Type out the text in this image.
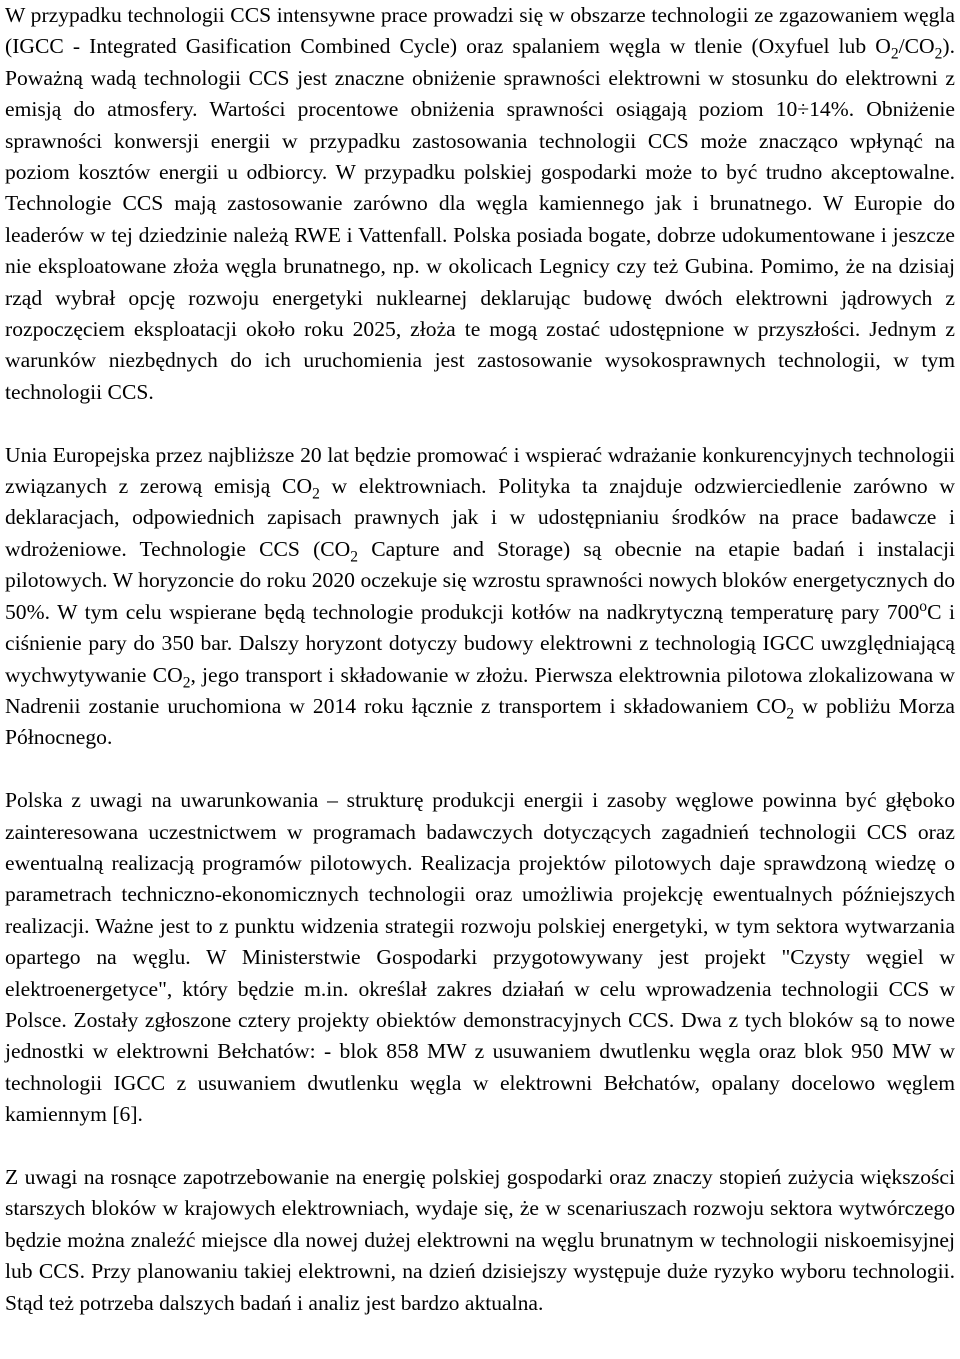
W przypadku technologii CCS intensywne prace prowadzi się w obszarze technologii ze zgazowaniem węgla (IGCC - Integrated Gasification Combined Cycle) oraz spalaniem węgla w tlenie (Oxyfuel lub $O_2/CO_2$). Poważną wadą technologii CCS jest znaczne obniżenie sprawności elektrowni w stosunku do elektrowni z emisją do atmosfery. Wartości procentowe obniżenia sprawności osiągają poziom 10÷14%. Obniżenie sprawności konwersji energii w przypadku zastosowania technologii CCS może znacząco wpłynąć na poziom kosztów energii u odbiorcy. W przypadku polskiej gospodarki może to być trudno akceptowalne. Technologie CCS mają zastosowanie zarówno dla węgla kamiennego jak i brunatnego. W Europie do leaderów w tej dziedzinie należą RWE i Vattenfall. Polska posiada bogate, dobrze udokumentowane i jeszcze nie eksploatowane złoża węgla brunatnego, np. w okolicach Legnicy czy też Gubina. Pomimo, że na dzisiaj rząd wybrał opcję rozwoju energetyki nuklearnej deklarując budowę dwóch elektrowni jądrowych z rozpoczęciem eksploatacji około roku 2025, złoża te mogą zostać udostępnione w przyszłości. Jednym z warunków niezbędnych do ich uruchomienia jest zastosowanie wysokosprawnych technologii, w tym technologii CCS.

Unia Europejska przez najbliższe 20 lat będzie promować i wspierać wdrażanie konkurencyjnych technologii związanych z zerową emisją $CO_2$ w elektrowniach. Polityka ta znajduje odzwierciedlenie zarówno w deklaracjach, odpowiednich zapisach prawnych jak i w udostępnianiu środków na prace badawcze i wdrożeniowe. Technologie CCS ($CO_2$ Capture and Storage) są obecnie na etapie badań i instalacji pilotowych. W horyzoncie do roku 2020 oczekuje się wzrostu sprawności nowych bloków energetycznych do 50%. W tym celu wspierane będą technologie produkcji kotłów na nadkrytyczną temperaturę pary 700$^o$C i ciśnienie pary do 350 bar. Dalszy horyzont dotyczy budowy elektrowni z technologią IGCC uwzględniającą wychwytywanie $CO_2$, jego transport i składowanie w złożu. Pierwsza elektrownia pilotowa zlokalizowana w Nadrenii zostanie uruchomiona w 2014 roku łącznie z transportem i składowaniem $CO_2$ w pobliżu Morza Północnego.

Polska z uwagi na uwarunkowania – strukturę produkcji energii i zasoby węglowe powinna być głęboko zainteresowana uczestnictwem w programach badawczych dotyczących zagadnień technologii CCS oraz ewentualną realizacją programów pilotowych. Realizacja projektów pilotowych daje sprawdzoną wiedzę o parametrach techniczno-ekonomicznych technologii oraz umożliwia projekcję ewentualnych późniejszych realizacji. Ważne jest to z punktu widzenia strategii rozwoju polskiej energetyki, w tym sektora wytwarzania opartego na węglu. W Ministerstwie Gospodarki przygotowywany jest projekt "Czysty węgiel w elektroenergetyce", który będzie m.in. określał zakres działań w celu wprowadzenia technologii CCS w Polsce. Zostały zgłoszone cztery projekty obiektów demonstracyjnych CCS. Dwa z tych bloków są to nowe jednostki w elektrowni Bełchatów: - blok 858 MW z usuwaniem dwutlenku węgla oraz blok 950 MW w technologii IGCC z usuwaniem dwutlenku węgla w elektrowni Bełchatów, opalany docelowo węglem kamiennym [6].

Z uwagi na rosnące zapotrzebowanie na energię polskiej gospodarki oraz znaczy stopień zużycia większości starszych bloków w krajowych elektrowniach, wydaje się, że w scenariuszach rozwoju sektora wytwórczego będzie można znaleźć miejsce dla nowej dużej elektrowni na węglu brunatnym w technologii niskoemisyjnej lub CCS. Przy planowaniu takiej elektrowni, na dzień dzisiejszy występuje duże ryzyko wyboru technologii. Stąd też potrzeba dalszych badań i analiz jest bardzo aktualna.
